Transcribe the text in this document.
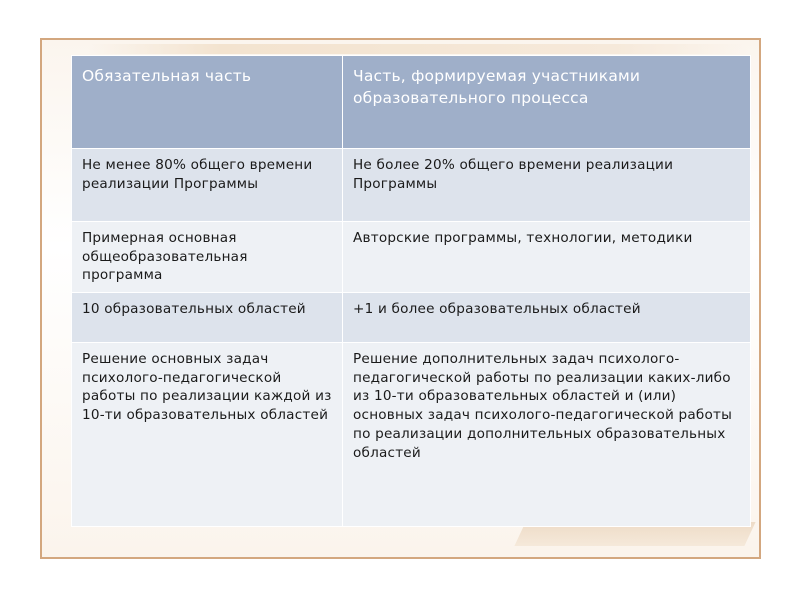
Обязательная часть	Часть, формируемая участниками образовательного процесса
Не менее 80% общего времени реализации Программы	Не более 20% общего времени реализации Программы
Примерная основная общеобразовательная программа	Авторские программы, технологии, методики
10 образовательных областей	+1 и более образовательных областей
Решение основных задач психолого-педагогической работы по реализации каждой из 10-ти образовательных областей	Решение дополнительных задач психолого-педагогической работы по реализации каких-либо из 10-ти образовательных областей и (или) основных задач психолого-педагогической работы по реализации дополнительных образовательных областей
